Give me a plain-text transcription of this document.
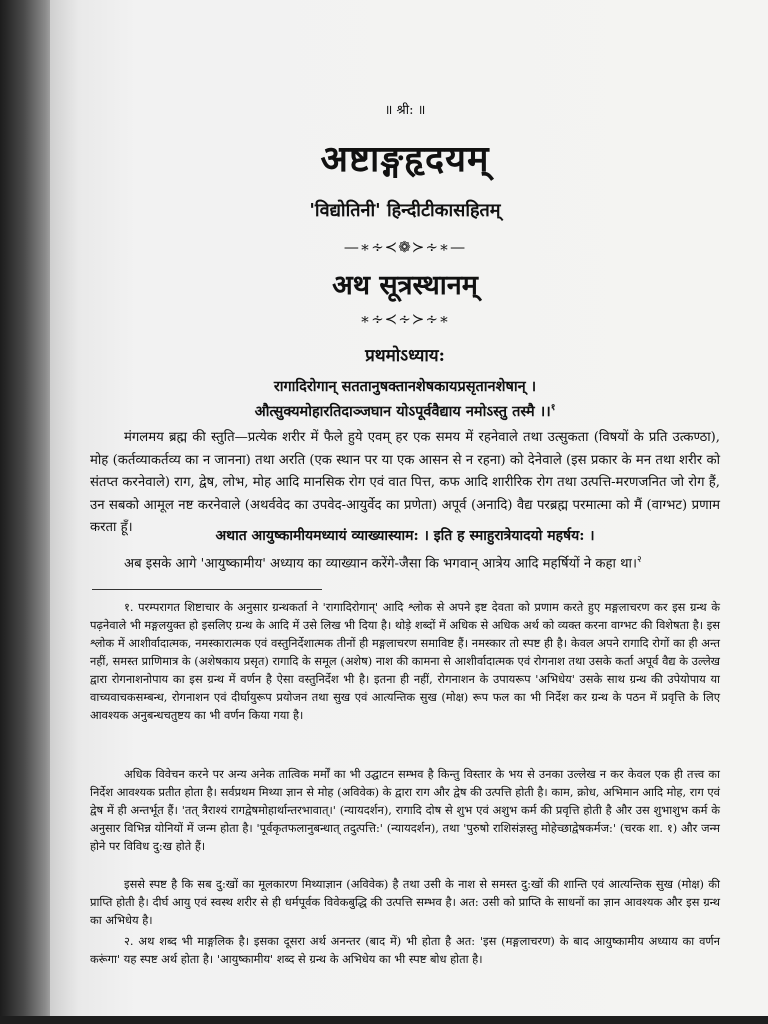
॥ श्री: ॥
अष्टाङ्गहृदयम्
'विद्योतिनी' हिन्दीटीकासहितम्
—∗∻≺❁≻∻∗—
अथ सूत्रस्थानम्
∗∻≺∻≻∻∗
प्रथमोऽध्याय:
रागादिरोगान् सततानुषक्तानशेषकायप्रसृतानशेषान् ।
औत्सुक्यमोहारतिदाञ्जघान योऽपूर्ववैद्याय नमोऽस्तु तस्मै ।।$^१$
मंगलमय ब्रह्म की स्तुति—प्रत्येक शरीर में फैले हुये एवम् हर एक समय में रहनेवाले तथा उत्सुकता (विषयों के प्रति उत्कण्ठा), मोह (कर्तव्याकर्तव्य का न जानना) तथा अरति (एक स्थान पर या एक आसन से न रहना) को देनेवाले (इस प्रकार के मन तथा शरीर को संतप्त करनेवाले) राग, द्वेष, लोभ, मोह आदि मानसिक रोग एवं वात पित्त, कफ आदि शारीरिक रोग तथा उत्पत्ति-मरणजनित जो रोग हैं, उन सबको आमूल नष्ट करनेवाले (अथर्ववेद का उपवेद-आयुर्वेद का प्रणेता) अपूर्व (अनादि) वैद्य परब्रह्म परमात्मा को मैं (वाग्भट) प्रणाम करता हूँ।
अथात आयुष्कामीयमध्यायं व्याख्यास्याम: । इति ह स्माहुरात्रेयादयो महर्षय: ।
अब इसके आगे 'आयुष्कामीय' अध्याय का व्याख्यान करेंगे-जैसा कि भगवान् आत्रेय आदि महर्षियों ने कहा था।$^२$
१. परम्परागत शिष्टाचार के अनुसार ग्रन्थकर्ता ने 'रागादिरोगान्' आदि श्लोक से अपने इष्ट देवता को प्रणाम करते हुए मङ्गलाचरण कर इस ग्रन्थ के पढ़नेवाले भी मङ्गलयुक्त हो इसलिए ग्रन्थ के आदि में उसे लिख भी दिया है। थोड़े शब्दों में अधिक से अधिक अर्थ को व्यक्त करना वाग्भट की विशेषता है। इस श्लोक में आशीर्वादात्मक, नमस्कारात्मक एवं वस्तुनिर्देशात्मक तीनों ही मङ्गलाचरण समाविष्ट हैं। नमस्कार तो स्पष्ट ही है। केवल अपने रागादि रोगों का ही अन्त नहीं, समस्त प्राणिमात्र के (अशेषकाय प्रसृत) रागादि के समूल (अशेष) नाश की कामना से आशीर्वादात्मक एवं रोगनाश तथा उसके कर्ता अपूर्व वैद्य के उल्लेख द्वारा रोगनाशनोपाय का इस ग्रन्थ में वर्णन है ऐसा वस्तुनिर्देश भी है। इतना ही नहीं, रोगनाशन के उपायरूप 'अभिधेय' उसके साथ ग्रन्थ की उपेयोपाय या वाच्यवाचकसम्बन्ध, रोगनाशन एवं दीर्घायुरूप प्रयोजन तथा सुख एवं आत्यन्तिक सुख (मोक्ष) रूप फल का भी निर्देश कर ग्रन्थ के पठन में प्रवृत्ति के लिए आवश्यक अनुबन्धचतुष्टय का भी वर्णन किया गया है।
अधिक विवेचन करने पर अन्य अनेक तात्विक मर्मों का भी उद्घाटन सम्भव है किन्तु विस्तार के भय से उनका उल्लेख न कर केवल एक ही तत्त्व का निर्देश आवश्यक प्रतीत होता है। सर्वप्रथम मिथ्या ज्ञान से मोह (अविवेक) के द्वारा राग और द्वेष की उत्पत्ति होती है। काम, क्रोध, अभिमान आदि मोह, राग एवं द्वेष में ही अन्तर्भूत हैं। 'तत् त्रैराश्यं रागद्वेषमोहार्थान्तरभावात्।' (न्यायदर्शन), रागादि दोष से शुभ एवं अशुभ कर्म की प्रवृत्ति होती है और उस शुभाशुभ कर्म के अनुसार विभिन्न योनियों में जन्म होता है। 'पूर्वकृतफलानुबन्धात् तदुत्पत्ति:' (न्यायदर्शन), तथा 'पुरुषो राशिसंज्ञस्तु मोहेच्छाद्वेषकर्मज:' (चरक शा. १) और जन्म होने पर विविध दु:ख होते हैं।
इससे स्पष्ट है कि सब दु:खों का मूलकारण मिथ्याज्ञान (अविवेक) है तथा उसी के नाश से समस्त दु:खों की शान्ति एवं आत्यन्तिक सुख (मोक्ष) की प्राप्ति होती है। दीर्घ आयु एवं स्वस्थ शरीर से ही धर्मपूर्वक विवेकबुद्धि की उत्पत्ति सम्भव है। अत: उसी को प्राप्ति के साधनों का ज्ञान आवश्यक और इस ग्रन्थ का अभिधेय है।
२. अथ शब्द भी माङ्गलिक है। इसका दूसरा अर्थ अनन्तर (बाद में) भी होता है अत: 'इस (मङ्गलाचरण) के बाद आयुष्कामीय अध्याय का वर्णन करूंगा' यह स्पष्ट अर्थ होता है। 'आयुष्कामीय' शब्द से ग्रन्थ के अभिधेय का भी स्पष्ट बोध होता है।
